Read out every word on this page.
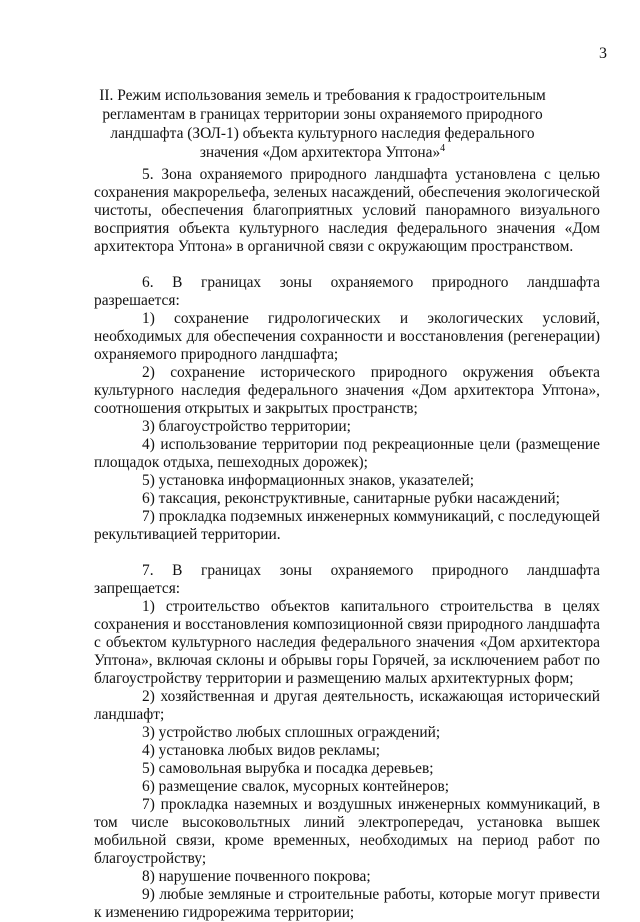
3
II. Режим использования земель и требования к градостроительным регламентам в границах территории зоны охраняемого природного ландшафта (ЗОЛ-1) объекта культурного наследия федерального значения «Дом архитектора Уптона»$^4$

5. Зона охраняемого природного ландшафта установлена с целью сохранения макрорельефа, зеленых насаждений, обеспечения экологической чистоты, обеспечения благоприятных условий панорамного визуального восприятия объекта культурного наследия федерального значения «Дом архитектора Уптона» в органичной связи с окружающим пространством.

6. В границах зоны охраняемого природного ландшафта разрешается:

1) сохранение гидрологических и экологических условий, необходимых для обеспечения сохранности и восстановления (регенерации) охраняемого природного ландшафта;

2) сохранение исторического природного окружения объекта культурного наследия федерального значения «Дом архитектора Уптона», соотношения открытых и закрытых пространств;

3) благоустройство территории;

4) использование территории под рекреационные цели (размещение площадок отдыха, пешеходных дорожек);

5) установка информационных знаков, указателей;

6) таксация, реконструктивные, санитарные рубки насаждений;

7) прокладка подземных инженерных коммуникаций, с последующей рекультивацией территории.

7. В границах зоны охраняемого природного ландшафта запрещается:

1) строительство объектов капитального строительства в целях сохранения и восстановления композиционной связи природного ландшафта с объектом культурного наследия федерального значения «Дом архитектора Уптона», включая склоны и обрывы горы Горячей, за исключением работ по благоустройству территории и размещению малых архитектурных форм;

2) хозяйственная и другая деятельность, искажающая исторический ландшафт;

3) устройство любых сплошных ограждений;

4) установка любых видов рекламы;

5) самовольная вырубка и посадка деревьев;

6) размещение свалок, мусорных контейнеров;

7) прокладка наземных и воздушных инженерных коммуникаций, в том числе высоковольтных линий электропередач, установка вышек мобильной связи, кроме временных, необходимых на период работ по благоустройству;

8) нарушение почвенного покрова;

9) любые земляные и строительные работы, которые могут привести к изменению гидрорежима территории;
